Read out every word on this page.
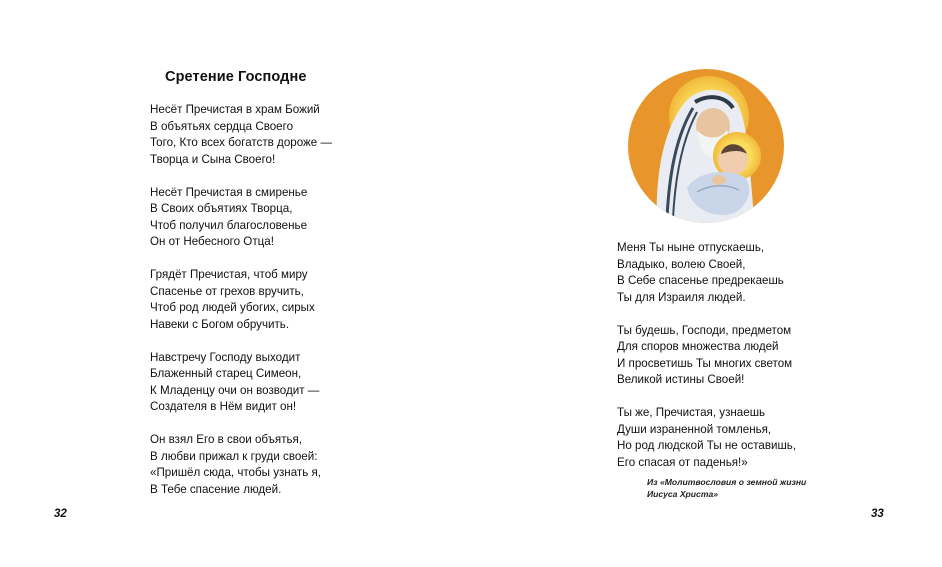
Сретение Господне
Несёт Пречистая в храм Божий
В объятьях сердца Своего
Того, Кто всех богатств дороже —
Творца и Сына Своего!
Несёт Пречистая в смиренье
В Своих объятиях Творца,
Чтоб получил благословенье
Он от Небесного Отца!
Грядёт Пречистая, чтоб миру
Спасенье от грехов вручить,
Чтоб род людей убогих, сирых
Навеки с Богом обручить.
Навстречу Господу выходит
Блаженный старец Симеон,
К Младенцу очи он возводит —
Создателя в Нём видит он!
Он взял Его в свои объятья,
В любви прижал к груди своей:
«Пришёл сюда, чтобы узнать я,
В Тебе спасение людей.
32
Меня Ты ныне отпускаешь,
Владыко, волею Своей,
В Себе спасенье предрекаешь
Ты для Израиля людей.
Ты будешь, Господи, предметом
Для споров множества людей
И просветишь Ты многих светом
Великой истины Своей!
Ты же, Пречистая, узнаешь
Души израненной томленья,
Но род людской Ты не оставишь,
Его спасая от паденья!»
Из «Молитвословия о земной жизни
Иисуса Христа»
33
